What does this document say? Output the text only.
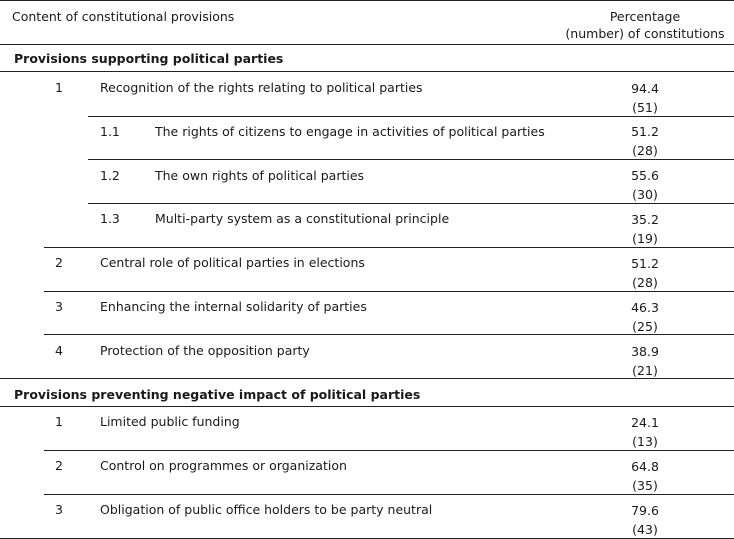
Content of constitutional provisions	Percentage
(number) of constitutions
Provisions supporting political parties
1	Recognition of the rights relating to political parties	94.4
(51)
1.1	The rights of citizens to engage in activities of political parties	51.2
(28)
1.2	The own rights of political parties	55.6
(30)
1.3	Multi-party system as a constitutional principle	35.2
(19)
2	Central role of political parties in elections	51.2
(28)
3	Enhancing the internal solidarity of parties	46.3
(25)
4	Protection of the opposition party	38.9
(21)
Provisions preventing negative impact of political parties
1	Limited public funding	24.1
(13)
2	Control on programmes or organization	64.8
(35)
3	Obligation of public office holders to be party neutral	79.6
(43)
